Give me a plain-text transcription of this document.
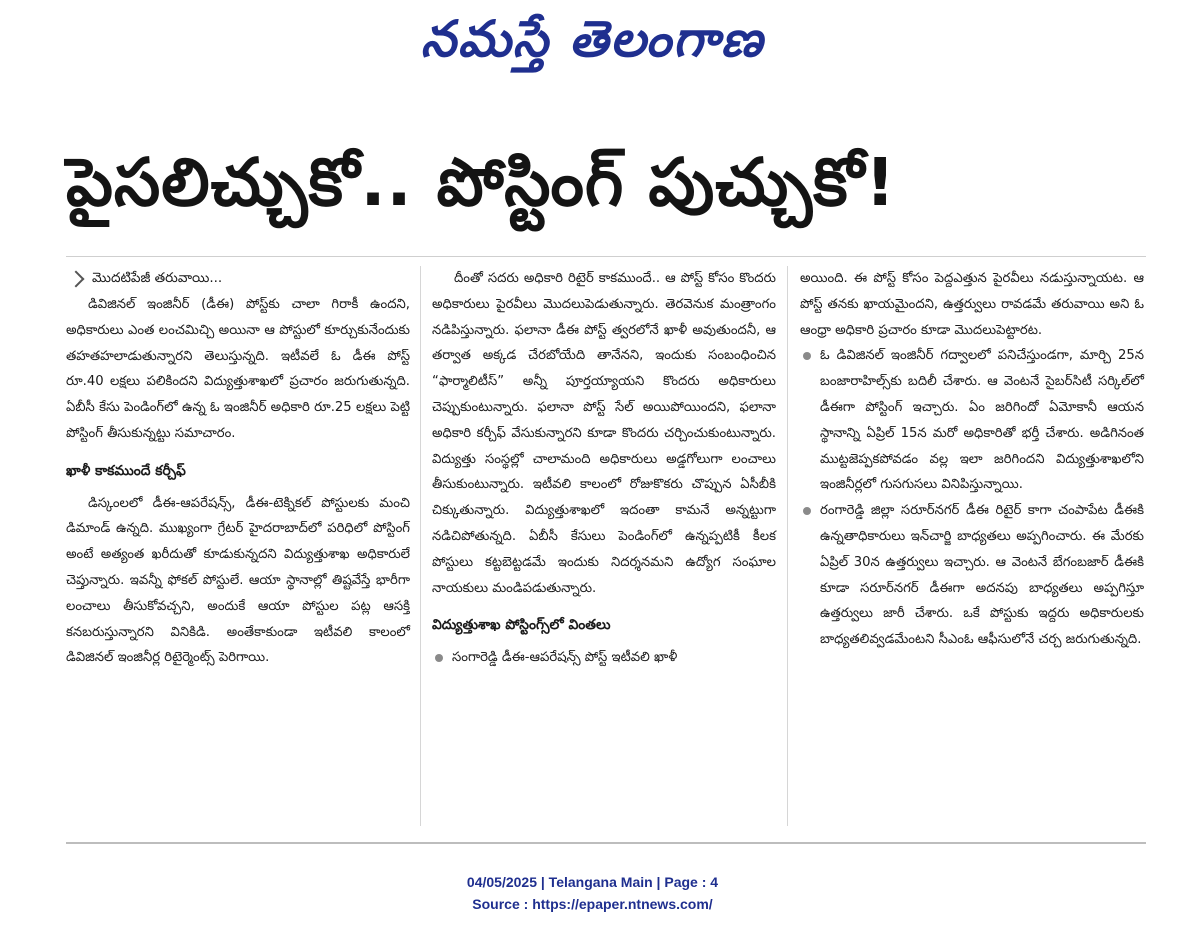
నమస్తే తెలంగాణ
పైసలిచ్చుకో.. పోస్టింగ్ పుచ్చుకో!
మొదటిపేజీ తరువాయి...

డివిజినల్ ఇంజినీర్ (డీఈ) పోస్ట్‌కు చాలా గిరాకీ ఉందని, అధికారులు ఎంత లంచమిచ్చి అయినా ఆ పోస్టులో కూర్చుకునేందుకు తహతహలాడుతున్నారని తెలుస్తున్నది. ఇటీవలే ఓ డీఈ పోస్ట్ రూ.40 లక్షలు పలికిందని విద్యుత్తుశాఖలో ప్రచారం జరుగుతున్నది. ఏబీసీ కేసు పెండింగ్‌లో ఉన్న ఓ ఇంజినీర్ అధికారి రూ.25 లక్షలు పెట్టి పోస్టింగ్ తీసుకున్నట్టు సమాచారం.

ఖాళీ కాకముందే కర్చీఫ్

డిస్కంలలో డీఈ-ఆపరేషన్స్, డీఈ-టెక్నికల్ పోస్టులకు మంచి డిమాండ్ ఉన్నది. ముఖ్యంగా గ్రేటర్ హైదరాబాద్‌లో పరిధిలో పోస్టింగ్ అంటే అత్యంత ఖరీదుతో కూడుకున్నదని విద్యుత్తుశాఖ అధికారులే చెప్తున్నారు. ఇవన్నీ ఫోకల్ పోస్టులే. ఆయా స్థానాల్లో తిష్టవేస్తే భారీగా లంచాలు తీసుకోవచ్చని, అందుకే ఆయా పోస్టుల పట్ల ఆసక్తి కనబరుస్తున్నారని వినికిడి. అంతేకాకుండా ఇటీవలి కాలంలో డివిజినల్ ఇంజినీర్ల రిటైర్మెంట్స్ పెరిగాయి.

దీంతో సదరు అధికారి రిటైర్ కాకముందే.. ఆ పోస్ట్ కోసం కొందరు అధికారులు పైరవీలు మొదలుపెడుతున్నారు. తెరవెనుక మంత్రాంగం నడిపిస్తున్నారు. ఫలానా డీఈ పోస్ట్ త్వరలోనే ఖాళీ అవుతుందనీ, ఆ తర్వాత అక్కడ చేరబోయేది తానేనని, ఇందుకు సంబంధించిన “ఫార్మాలిటీస్” అన్నీ పూర్తయ్యాయని కొందరు అధికారులు చెప్పుకుంటున్నారు. ఫలానా పోస్ట్ సేల్ అయిపోయిందని, ఫలానా అధికారి కర్చీఫ్ వేసుకున్నారని కూడా కొందరు చర్చించుకుంటున్నారు. విద్యుత్తు సంస్థల్లో చాలామంది అధికారులు అడ్డగోలుగా లంచాలు తీసుకుంటున్నారు. ఇటీవలి కాలంలో రోజుకొకరు చొప్పున ఏసీబీకి చిక్కుతున్నారు. విద్యుత్తుశాఖలో ఇదంతా కామనే అన్నట్టుగా నడిచిపోతున్నది. ఏబీసీ కేసులు పెండింగ్‌లో ఉన్నప్పటికీ కీలక పోస్టులు కట్టబెట్టడమే ఇందుకు నిదర్శనమని ఉద్యోగ సంఘాల నాయకులు మండిపడుతున్నారు.

విద్యుత్తుశాఖ పోస్టింగ్స్‌లో వింతలు

సంగారెడ్డి డీఈ-ఆపరేషన్స్ పోస్ట్ ఇటీవలి ఖాళీ

అయింది. ఈ పోస్ట్ కోసం పెద్దఎత్తున పైరవీలు నడుస్తున్నాయట. ఆ పోస్ట్ తనకు ఖాయమైందని, ఉత్తర్వులు రావడమే తరువాయి అని ఓ ఆంధ్రా అధికారి ప్రచారం కూడా మొదలుపెట్టారట.

ఓ డివిజినల్ ఇంజినీర్ గద్వాలలో పనిచేస్తుండగా, మార్చి 25న బంజారాహిల్స్‌కు బదిలీ చేశారు. ఆ వెంటనే సైబర్‌సిటీ సర్కిల్‌లో డీఈగా పోస్టింగ్ ఇచ్చారు. ఏం జరిగిందో ఏమోకానీ ఆయన స్థానాన్ని ఏప్రిల్ 15న మరో అధికారితో భర్తీ చేశారు. అడిగినంత ముట్టజెప్పకపోవడం వల్ల ఇలా జరిగిందని విద్యుత్తుశాఖలోని ఇంజినీర్లలో గుసగుసలు వినిపిస్తున్నాయి.

రంగారెడ్డి జిల్లా సరూర్‌నగర్ డీఈ రిటైర్ కాగా చంపాపేట డీఈకి ఉన్నతాధికారులు ఇన్‌చార్జి బాధ్యతలు అప్పగించారు. ఈ మేరకు ఏప్రిల్ 30న ఉత్తర్వులు ఇచ్చారు. ఆ వెంటనే బేగంబజార్ డీఈకి కూడా సరూర్‌నగర్ డీఈగా అదనపు బాధ్యతలు అప్పగిస్తూ ఉత్తర్వులు జారీ చేశారు. ఒకే పోస్టుకు ఇద్దరు అధికారులకు బాధ్యతలివ్వడమేంటని సీఎంఓ ఆఫీసులోనే చర్చ జరుగుతున్నది.

04/05/2025 | Telangana Main | Page : 4
Source : https://epaper.ntnews.com/
